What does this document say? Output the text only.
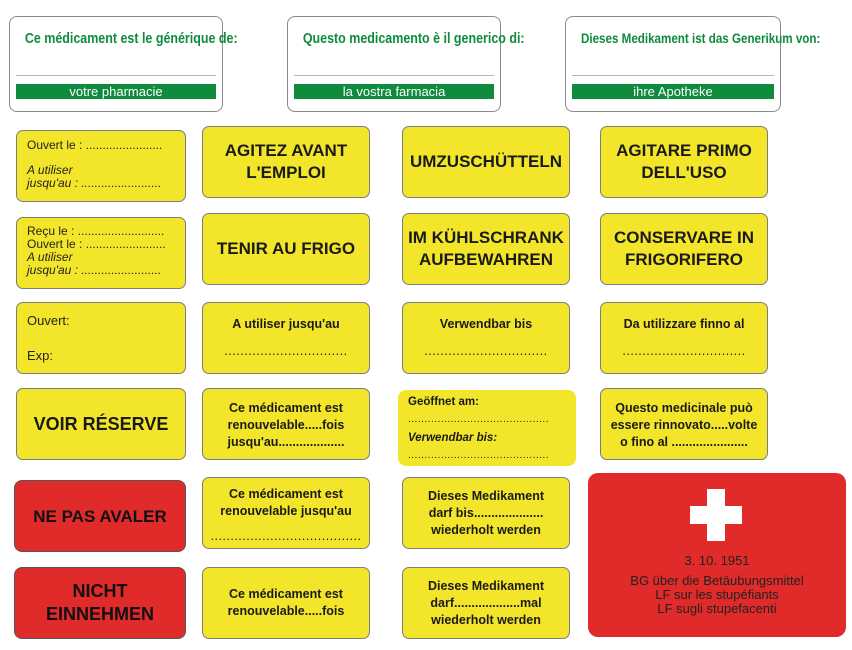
Ce médicament est le générique de:
votre pharmacie
Questo medicamento è il generico di:
la vostra farmacia
Dieses Medikament ist das Generikum von:
ihre Apotheke
Ouvert le : .......................
A utiliser
jusqu'au : ........................
AGITEZ AVANT L'EMPLOI
UMZUSCHÜTTELN
AGITARE PRIMO DELL'USO
Reçu le : ..........................
Ouvert le : ........................
A utiliser
jusqu'au : ........................
TENIR AU FRIGO
IM KÜHLSCHRANK AUFBEWAHREN
CONSERVARE IN FRIGORIFERO
Ouvert:
Exp:
A utiliser jusqu'au
...............................
Verwendbar bis
...............................
Da utilizzare finno al
...............................
VOIR RÉSERVE
Ce médicament est
renouvelable.....fois
jusqu'au...................
Geöffnet am:
...........................................
Verwendbar bis:
...........................................
Questo medicinale può
essere rinnovato.....volte
o fino al ......................
NE PAS AVALER
Ce médicament est
renouvelable jusqu'au
......................................
Dieses Medikament
darf bis....................
wiederholt werden
NICHT EINNEHMEN
Ce médicament est
renouvelable.....fois
Dieses Medikament
darf...................mal
wiederholt werden
3. 10. 1951
BG über die Betäubungsmittel
LF sur les stupéfiants
LF sugli stupefacenti
